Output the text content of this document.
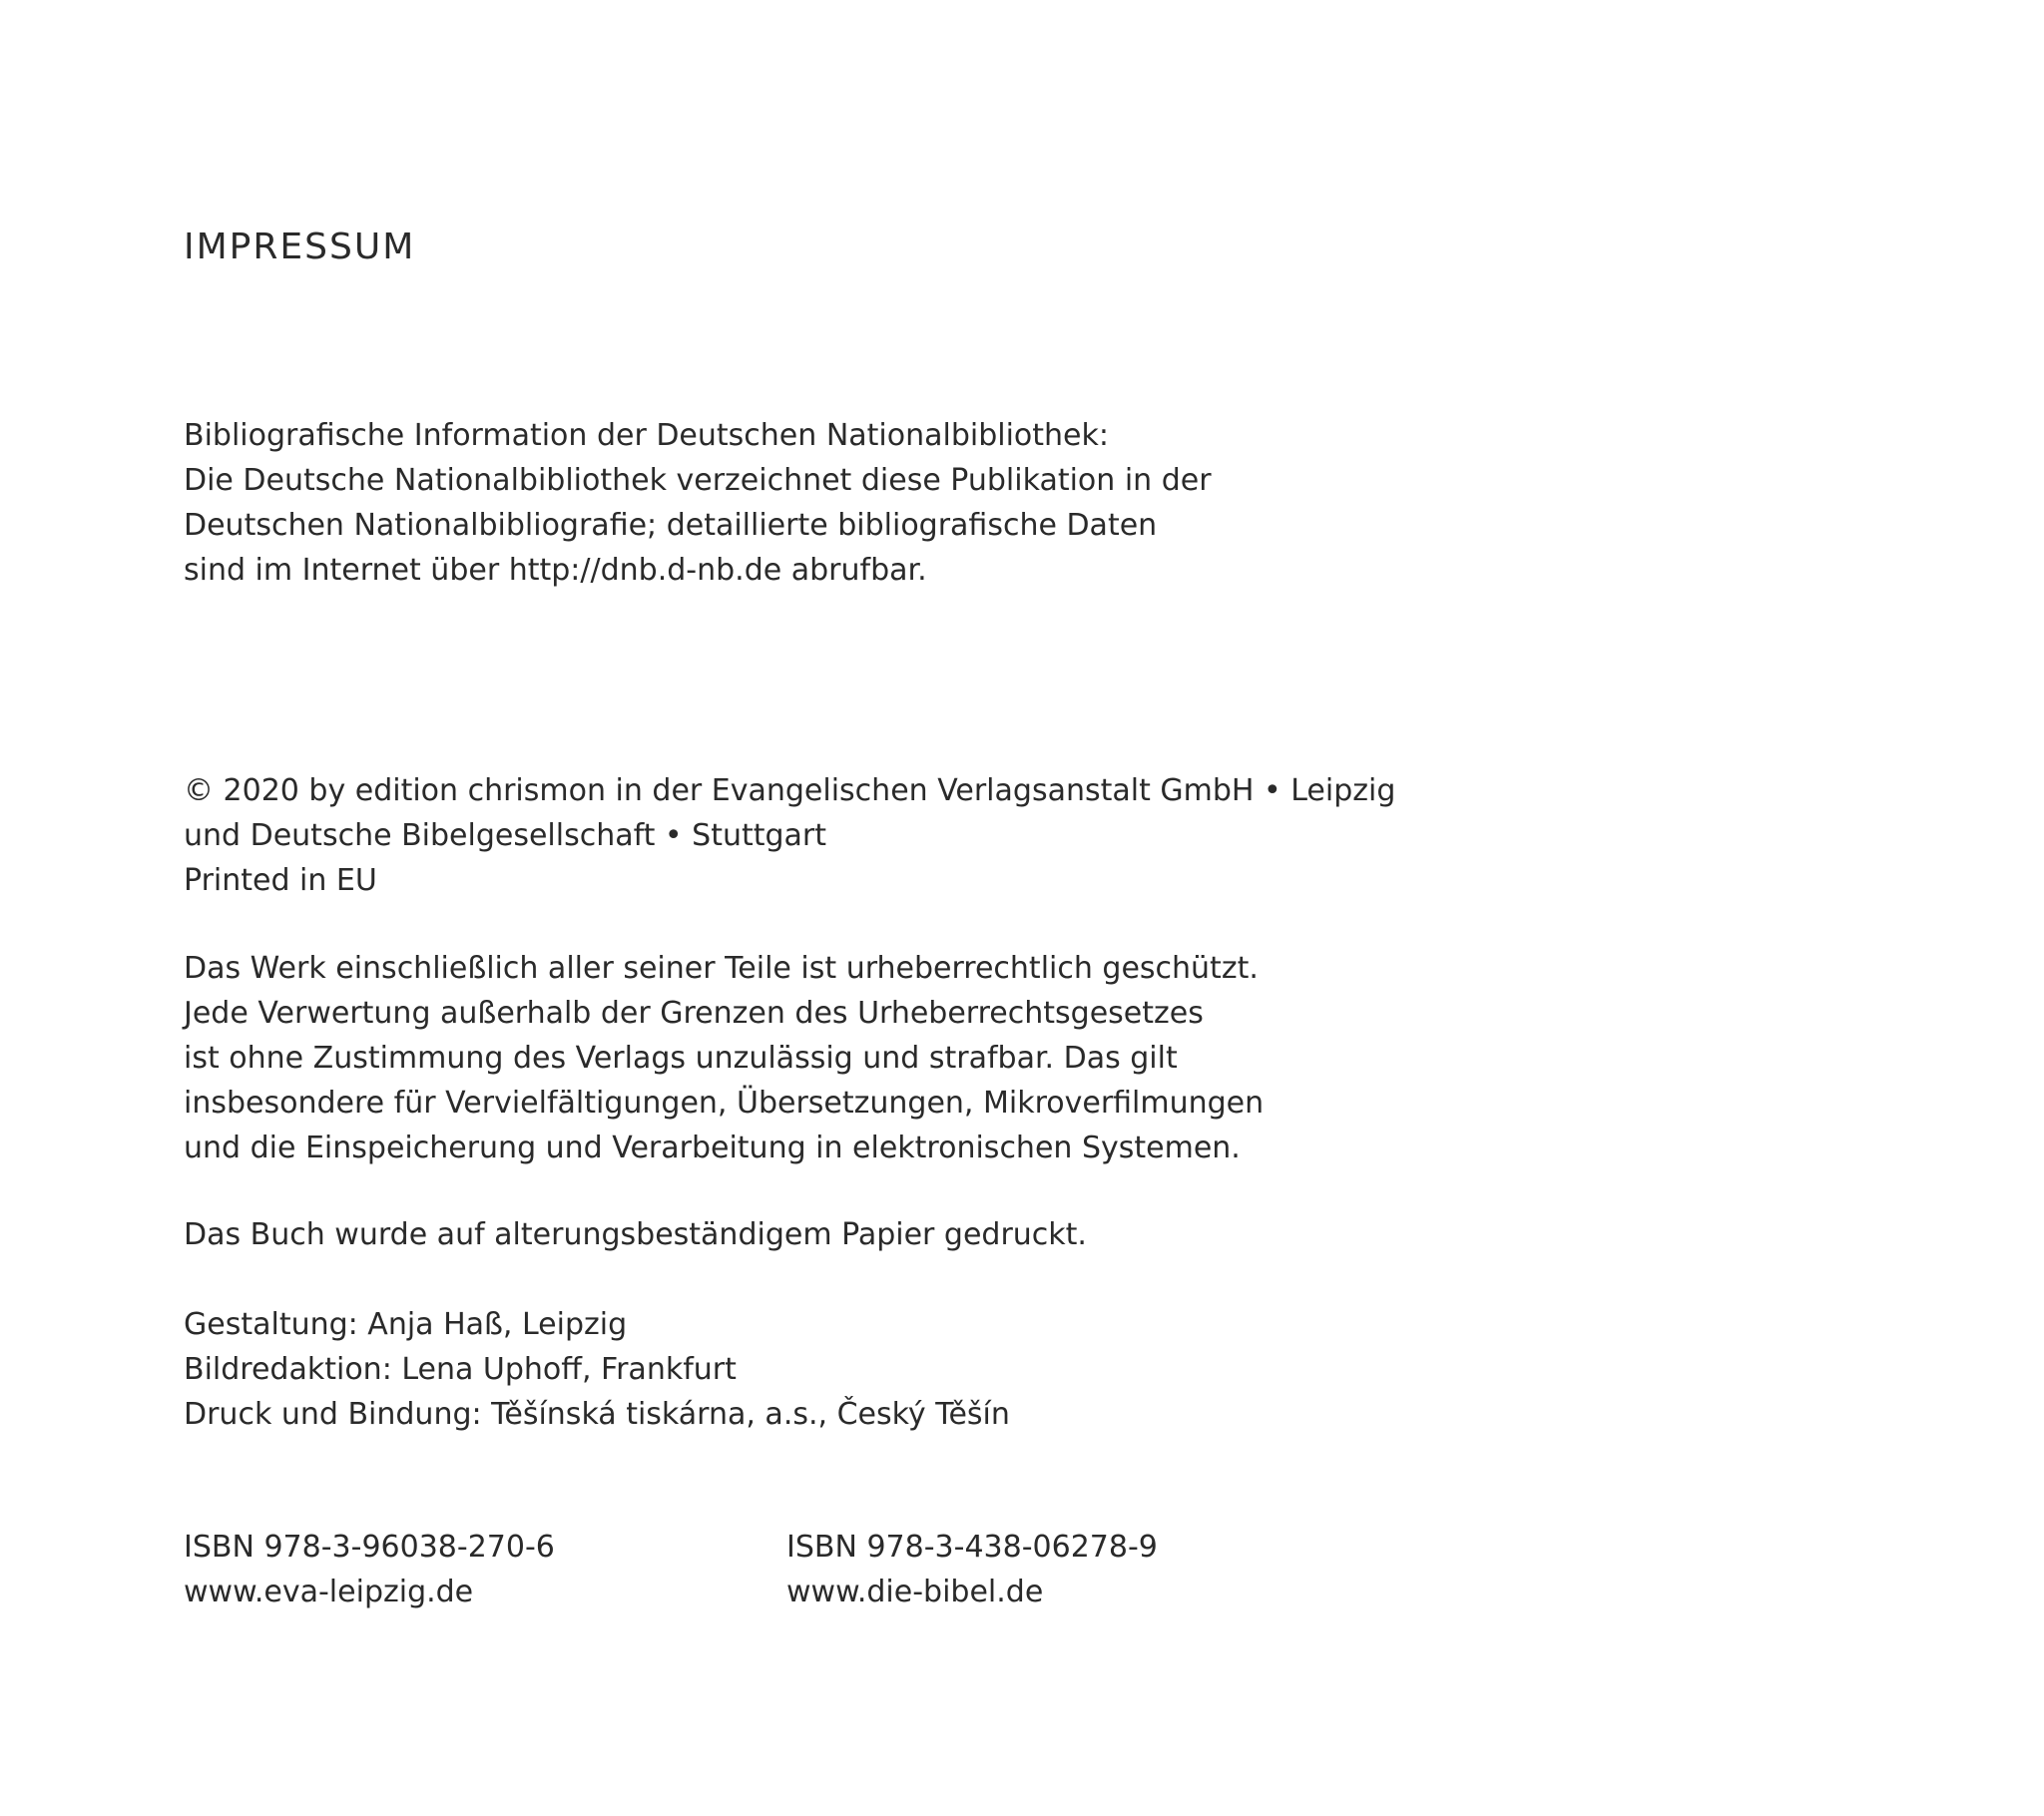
IMPRESSUM
Bibliografische Information der Deutschen Nationalbibliothek:
Die Deutsche Nationalbibliothek verzeichnet diese Publikation in der
Deutschen Nationalbibliografie; detaillierte bibliografische Daten
sind im Internet über http://dnb.d-nb.de abrufbar.
© 2020 by edition chrismon in der Evangelischen Verlagsanstalt GmbH • Leipzig
und Deutsche Bibelgesellschaft • Stuttgart
Printed in EU
Das Werk einschließlich aller seiner Teile ist urheberrechtlich geschützt.
Jede Verwertung außerhalb der Grenzen des Urheberrechtsgesetzes
ist ohne Zustimmung des Verlags unzulässig und strafbar. Das gilt
insbesondere für Vervielfältigungen, Übersetzungen, Mikroverfilmungen
und die Einspeicherung und Verarbeitung in elektronischen Systemen.
Das Buch wurde auf alterungsbeständigem Papier gedruckt.
Gestaltung: Anja Haß, Leipzig
Bildredaktion: Lena Uphoff, Frankfurt
Druck und Bindung: Těšínská tiskárna, a.s., Český Těšín
ISBN 978-3-96038-270-6
www.eva-leipzig.de
ISBN 978-3-438-06278-9
www.die-bibel.de
